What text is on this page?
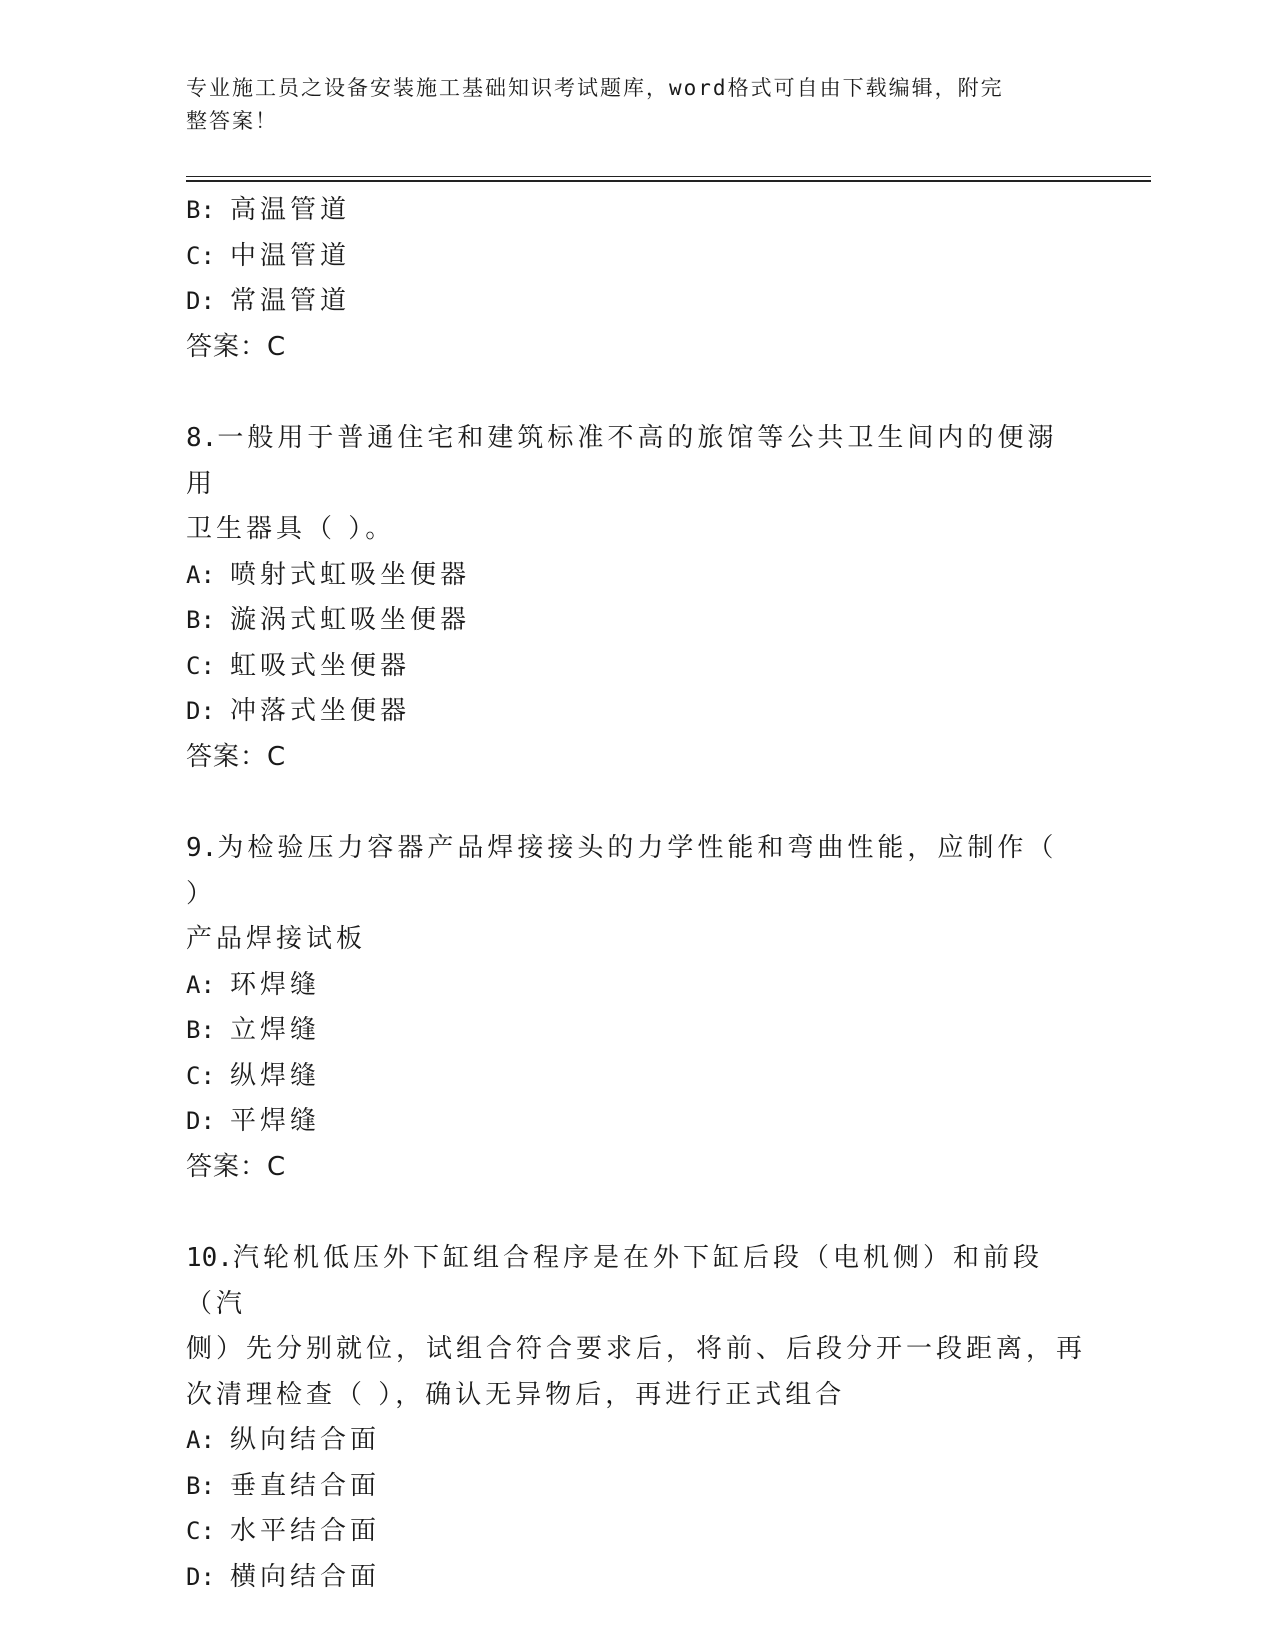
专业施工员之设备安装施工基础知识考试题库，word格式可自由下载编辑，附完
整答案！
B: 高温管道
C: 中温管道
D: 常温管道
答案：C
8.一般用于普通住宅和建筑标准不高的旅馆等公共卫生间内的便溺用
卫生器具（ ）。
A: 喷射式虹吸坐便器
B: 漩涡式虹吸坐便器
C: 虹吸式坐便器
D: 冲落式坐便器
答案：C
9.为检验压力容器产品焊接接头的力学性能和弯曲性能，应制作（ ）
产品焊接试板
A: 环焊缝
B: 立焊缝
C: 纵焊缝
D: 平焊缝
答案：C
10.汽轮机低压外下缸组合程序是在外下缸后段（电机侧）和前段（汽
侧）先分别就位，试组合符合要求后，将前、后段分开一段距离，再
次清理检查（ ），确认无异物后，再进行正式组合
A: 纵向结合面
B: 垂直结合面
C: 水平结合面
D: 横向结合面
